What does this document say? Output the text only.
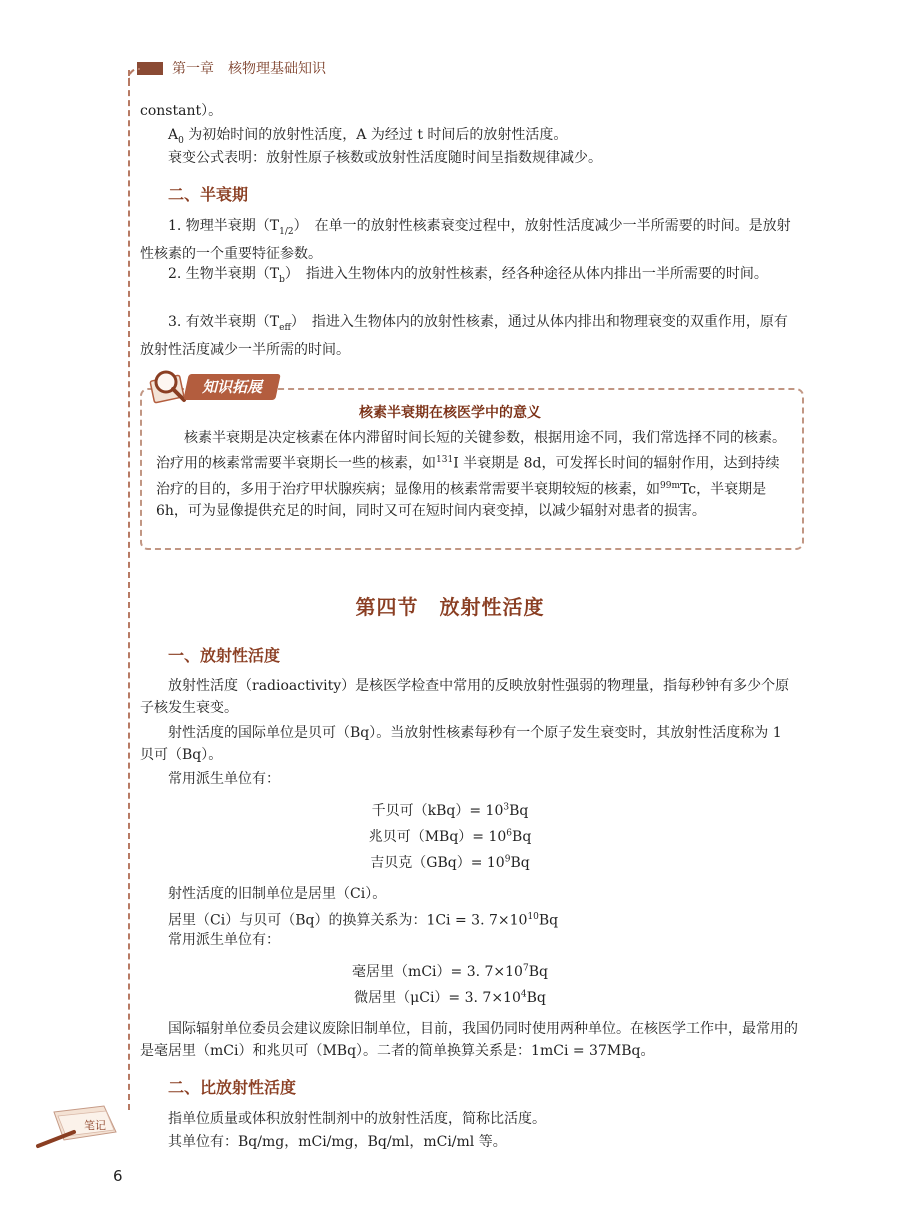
第一章　核物理基础知识
constant）。
$A_0$ 为初始时间的放射性活度，A 为经过 t 时间后的放射性活度。
衰变公式表明：放射性原子核数或放射性活度随时间呈指数规律减少。
二、半衰期
1. 物理半衰期$(T_{1/2})$　在单一的放射性核素衰变过程中，放射性活度减少一半所需要的时间。是放射性核素的一个重要特征参数。
2. 生物半衰期$(T_b)$　指进入生物体内的放射性核素，经各种途径从体内排出一半所需要的时间。
3. 有效半衰期$(T_{eff})$　指进入生物体内的放射性核素，通过从体内排出和物理衰变的双重作用，原有放射性活度减少一半所需的时间。
知识拓展
核素半衰期在核医学中的意义
核素半衰期是决定核素在体内滞留时间长短的关键参数，根据用途不同，我们常选择不同的核素。治疗用的核素常需要半衰期长一些的核素，如$^{131}$I 半衰期是 8d，可发挥长时间的辐射作用，达到持续治疗的目的，多用于治疗甲状腺疾病；显像用的核素常需要半衰期较短的核素，如$^{99m}$Tc，半衰期是 6h，可为显像提供充足的时间，同时又可在短时间内衰变掉，以减少辐射对患者的损害。
第四节　放射性活度
一、放射性活度
放射性活度（radioactivity）是核医学检查中常用的反映放射性强弱的物理量，指每秒钟有多少个原子核发生衰变。
射性活度的国际单位是贝可（Bq）。当放射性核素每秒有一个原子发生衰变时，其放射性活度称为 1 贝可（Bq）。
常用派生单位有：
千贝可$(kBq)= 10^3Bq$
兆贝可$(MBq)= 10^6Bq$
吉贝克$(GBq)= 10^9Bq$
射性活度的旧制单位是居里（Ci）。
居里（Ci）与贝可（Bq）的换算关系为：1Ci = 3. $7\times 10^{10}Bq$
常用派生单位有：
毫居里（mCi）= 3. $7\times 10^7Bq$
微居里（μCi）= 3. $7\times 10^4Bq$
国际辐射单位委员会建议废除旧制单位，目前，我国仍同时使用两种单位。在核医学工作中，最常用的是毫居里（mCi）和兆贝可（MBq）。二者的简单换算关系是：1mCi = 37MBq。
二、比放射性活度
指单位质量或体积放射性制剂中的放射性活度，简称比活度。
其单位有：Bq/mg，mCi/mg，Bq/ml，mCi/ml 等。
笔记
6
